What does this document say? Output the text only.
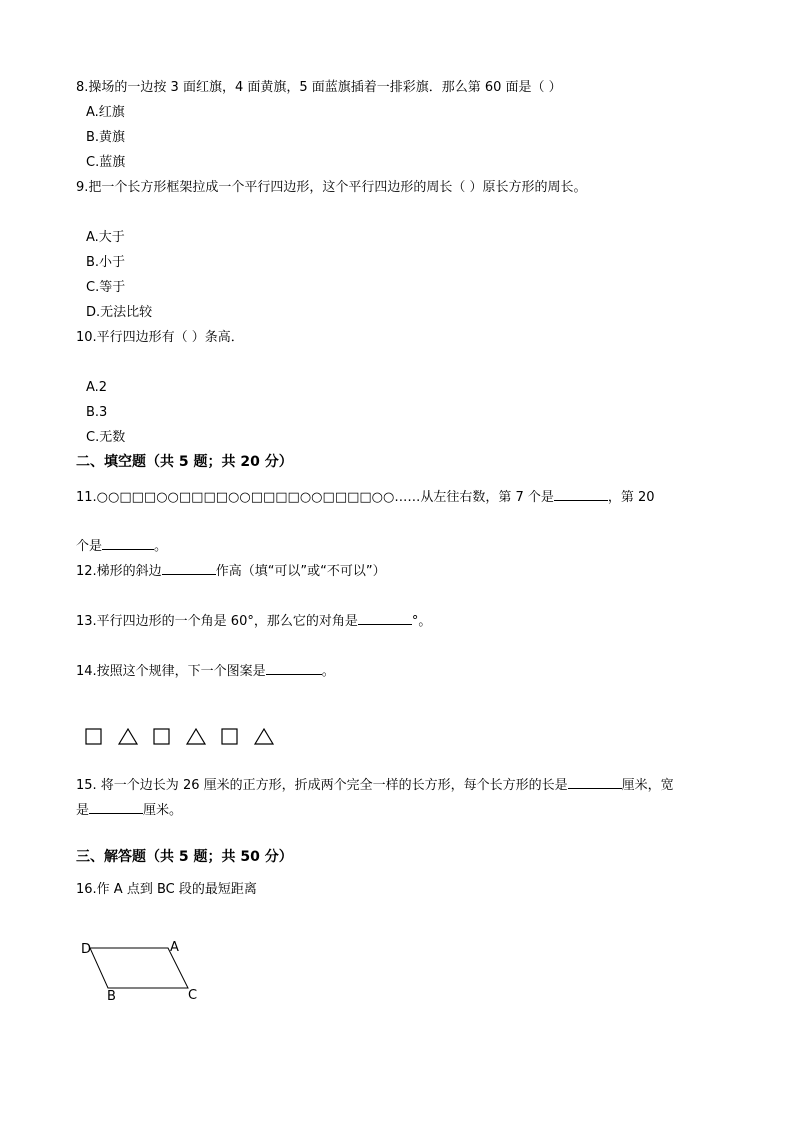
8.操场的一边按 3 面红旗，4 面黄旗，5 面蓝旗插着一排彩旗．那么第 60 面是（ ）
A.红旗
B.黄旗
C.蓝旗
9.把一个长方形框架拉成一个平行四边形，这个平行四边形的周长（ ）原长方形的周长。
A.大于
B.小于
C.等于
D.无法比较
10.平行四边形有（ ）条高．
A.2
B.3
C.无数
二、填空题（共 5 题；共 20 分）
11.○○□□□○○□□□□○○□□□□○○□□□□○○……从左往右数，第 7 个是	，第 20
个是	。
12.梯形的斜边	作高（填“可以”或“不可以”）
13.平行四边形的一个角是 60°，那么它的对角是	°。
14.按照这个规律，下一个图案是	。
15. 将一个边长为 26 厘米的正方形，折成两个完全一样的长方形，每个长方形的长是	厘米，宽
是	厘米。
三、解答题（共 5 题；共 50 分）
16.作 A 点到 BC 段的最短距离
D	A
B	C
